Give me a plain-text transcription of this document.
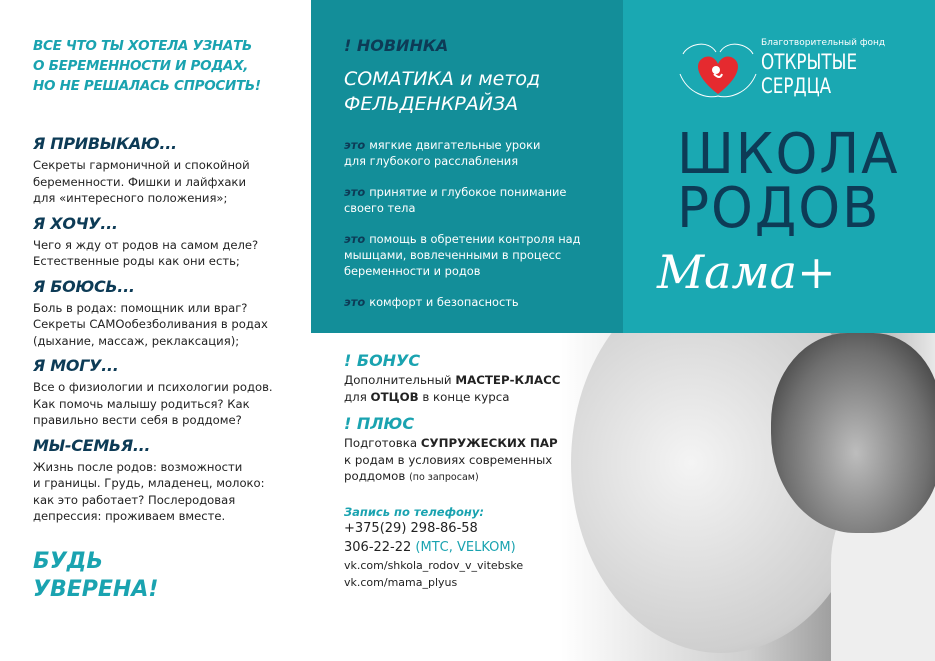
ВСЕ ЧТО ТЫ ХОТЕЛА УЗНАТЬ
О БЕРЕМЕННОСТИ И РОДАХ,
НО НЕ РЕШАЛАСЬ СПРОСИТЬ!
Я ПРИВЫКАЮ...

Секреты гармоничной и спокойной
беременности. Фишки и лайфхаки
для «интересного положения»;

Я ХОЧУ...

Чего я жду от родов на самом деле?
Естественные роды как они есть;

Я БОЮСЬ...

Боль в родах: помощник или враг?
Секреты САМОобезболивания в родах
(дыхание, массаж, реклаксация);

Я МОГУ...

Все о физиологии и психологии родов.
Как помочь малышу родиться? Как
правильно вести себя в роддоме?

МЫ-СЕМЬЯ...

Жизнь после родов: возможности
и границы. Грудь, младенец, молоко:
как это работает? Послеродовая
депрессия: проживаем вместе.

БУДЬ
УВЕРЕНА!
! НОВИНКА
СОМАТИКА и метод
ФЕЛЬДЕНКРАЙЗА
это мягкие двигательные уроки
для глубокого расслабления
это принятие и глубокое понимание
своего тела
это помощь в обретении контроля над
мышцами, вовлеченными в процесс
беременности и родов
это комфорт и безопасность
Благотворительный фонд
ОТКРЫТЫЕ
СЕРДЦА
ШКОЛА
РОДОВ
Мама+
! БОНУС

Дополнительный МАСТЕР-КЛАСС
для ОТЦОВ в конце курса

! ПЛЮС

Подготовка СУПРУЖЕСКИХ ПАР
к родам в условиях современных
роддомов (по запросам)

Запись по телефону:
+375(29) 298-86-58
306-22-22 (МТС, VELKOM)
vk.com/shkola_rodov_v_vitebske
vk.com/mama_plyus
